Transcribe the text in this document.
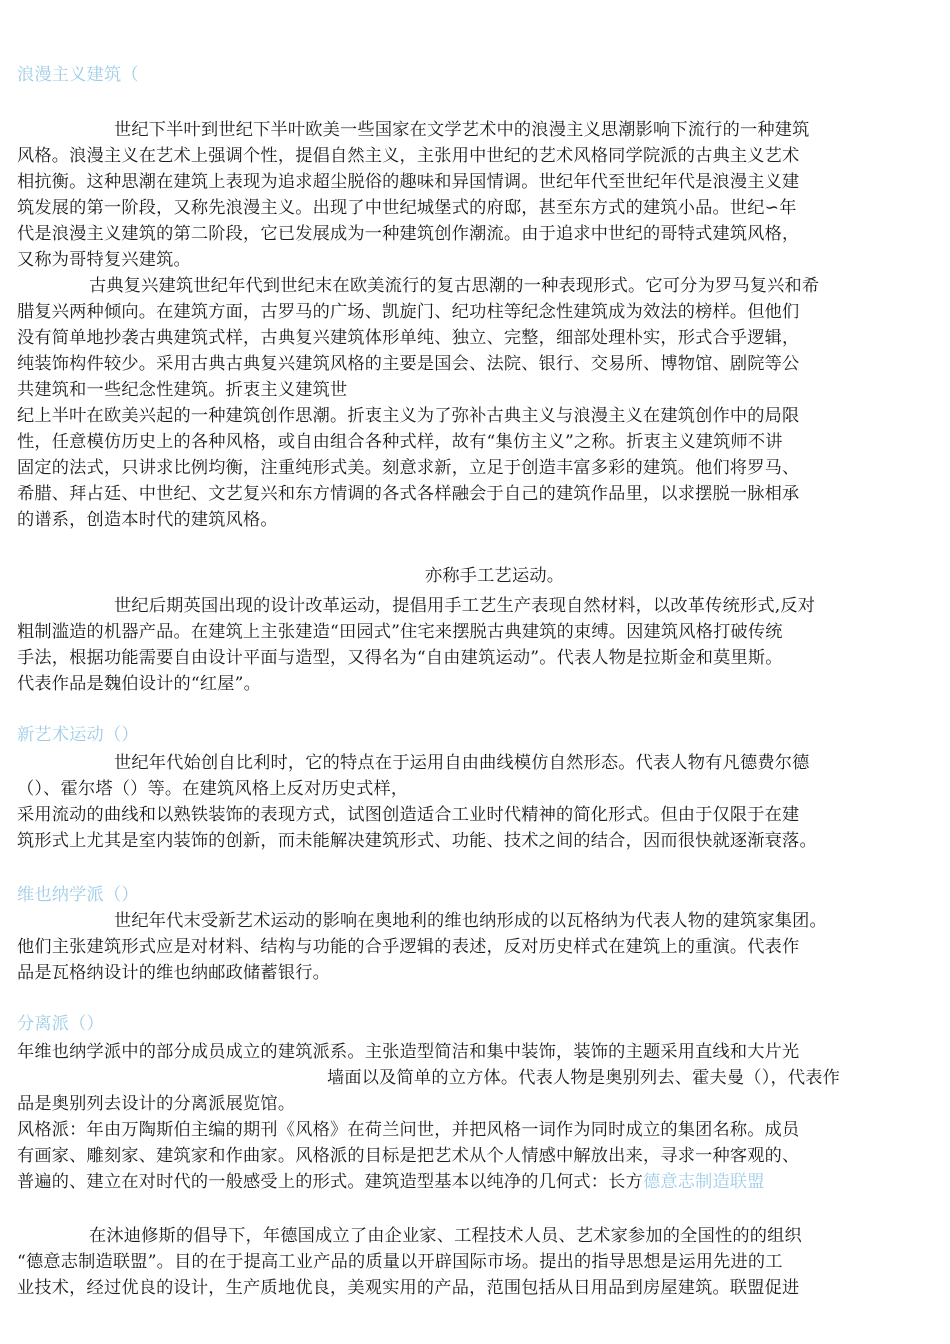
浪漫主义建筑（
世纪下半叶到世纪下半叶欧美一些国家在文学艺术中的浪漫主义思潮影响下流行的一种建筑
风格。浪漫主义在艺术上强调个性，提倡自然主义，主张用中世纪的艺术风格同学院派的古典主义艺术
相抗衡。这种思潮在建筑上表现为追求超尘脱俗的趣味和异国情调。世纪年代至世纪年代是浪漫主义建
筑发展的第一阶段，又称先浪漫主义。出现了中世纪城堡式的府邸，甚至东方式的建筑小品。世纪∽年
代是浪漫主义建筑的第二阶段，它已发展成为一种建筑创作潮流。由于追求中世纪的哥特式建筑风格，
又称为哥特复兴建筑。
古典复兴建筑世纪年代到世纪末在欧美流行的复古思潮的一种表现形式。它可分为罗马复兴和希
腊复兴两种倾向。在建筑方面，古罗马的广场、凯旋门、纪功柱等纪念性建筑成为效法的榜样。但他们
没有简单地抄袭古典建筑式样，古典复兴建筑体形单纯、独立、完整，细部处理朴实，形式合乎逻辑，
纯装饰构件较少。采用古典古典复兴建筑风格的主要是国会、法院、银行、交易所、博物馆、剧院等公
共建筑和一些纪念性建筑。折衷主义建筑世
纪上半叶在欧美兴起的一种建筑创作思潮。折衷主义为了弥补古典主义与浪漫主义在建筑创作中的局限
性，任意模仿历史上的各种风格，或自由组合各种式样，故有“集仿主义”之称。折衷主义建筑师不讲
固定的法式，只讲求比例均衡，注重纯形式美。刻意求新，立足于创造丰富多彩的建筑。他们将罗马、
希腊、拜占廷、中世纪、文艺复兴和东方情调的各式各样融会于自己的建筑作品里，以求摆脱一脉相承
的谱系，创造本时代的建筑风格。
亦称手工艺运动。
世纪后期英国出现的设计改革运动，提倡用手工艺生产表现自然材料，以改革传统形式,反对
粗制滥造的机器产品。在建筑上主张建造“田园式”住宅来摆脱古典建筑的束缚。因建筑风格打破传统
手法，根据功能需要自由设计平面与造型，又得名为“自由建筑运动”。代表人物是拉斯金和莫里斯。
代表作品是魏伯设计的“红屋”。
新艺术运动（）
世纪年代始创自比利时，它的特点在于运用自由曲线模仿自然形态。代表人物有凡德费尔德
（）、霍尔塔（）等。在建筑风格上反对历史式样，
采用流动的曲线和以熟铁装饰的表现方式，试图创造适合工业时代精神的简化形式。但由于仅限于在建
筑形式上尤其是室内装饰的创新，而未能解决建筑形式、功能、技术之间的结合，因而很快就逐渐衰落。
维也纳学派（）
世纪年代末受新艺术运动的影响在奥地利的维也纳形成的以瓦格纳为代表人物的建筑家集团。
他们主张建筑形式应是对材料、结构与功能的合乎逻辑的表述，反对历史样式在建筑上的重演。代表作
品是瓦格纳设计的维也纳邮政储蓄银行。
分离派（）
年维也纳学派中的部分成员成立的建筑派系。主张造型简洁和集中装饰，装饰的主题采用直线和大片光
墙面以及简单的立方体。代表人物是奥别列去、霍夫曼（），代表作
品是奥别列去设计的分离派展览馆。
风格派：年由万陶斯伯主编的期刊《风格》在荷兰问世，并把风格一词作为同时成立的集团名称。成员
有画家、雕刻家、建筑家和作曲家。风格派的目标是把艺术从个人情感中解放出来，寻求一种客观的、
普遍的、建立在对时代的一般感受上的形式。建筑造型基本以纯净的几何式：长方德意志制造联盟
在沐迪修斯的倡导下，年德国成立了由企业家、工程技术人员、艺术家参加的全国性的的组织
“德意志制造联盟”。目的在于提高工业产品的质量以开辟国际市场。提出的指导思想是运用先进的工
业技术，经过优良的设计，生产质地优良，美观实用的产品，范围包括从日用品到房屋建筑。联盟促进
